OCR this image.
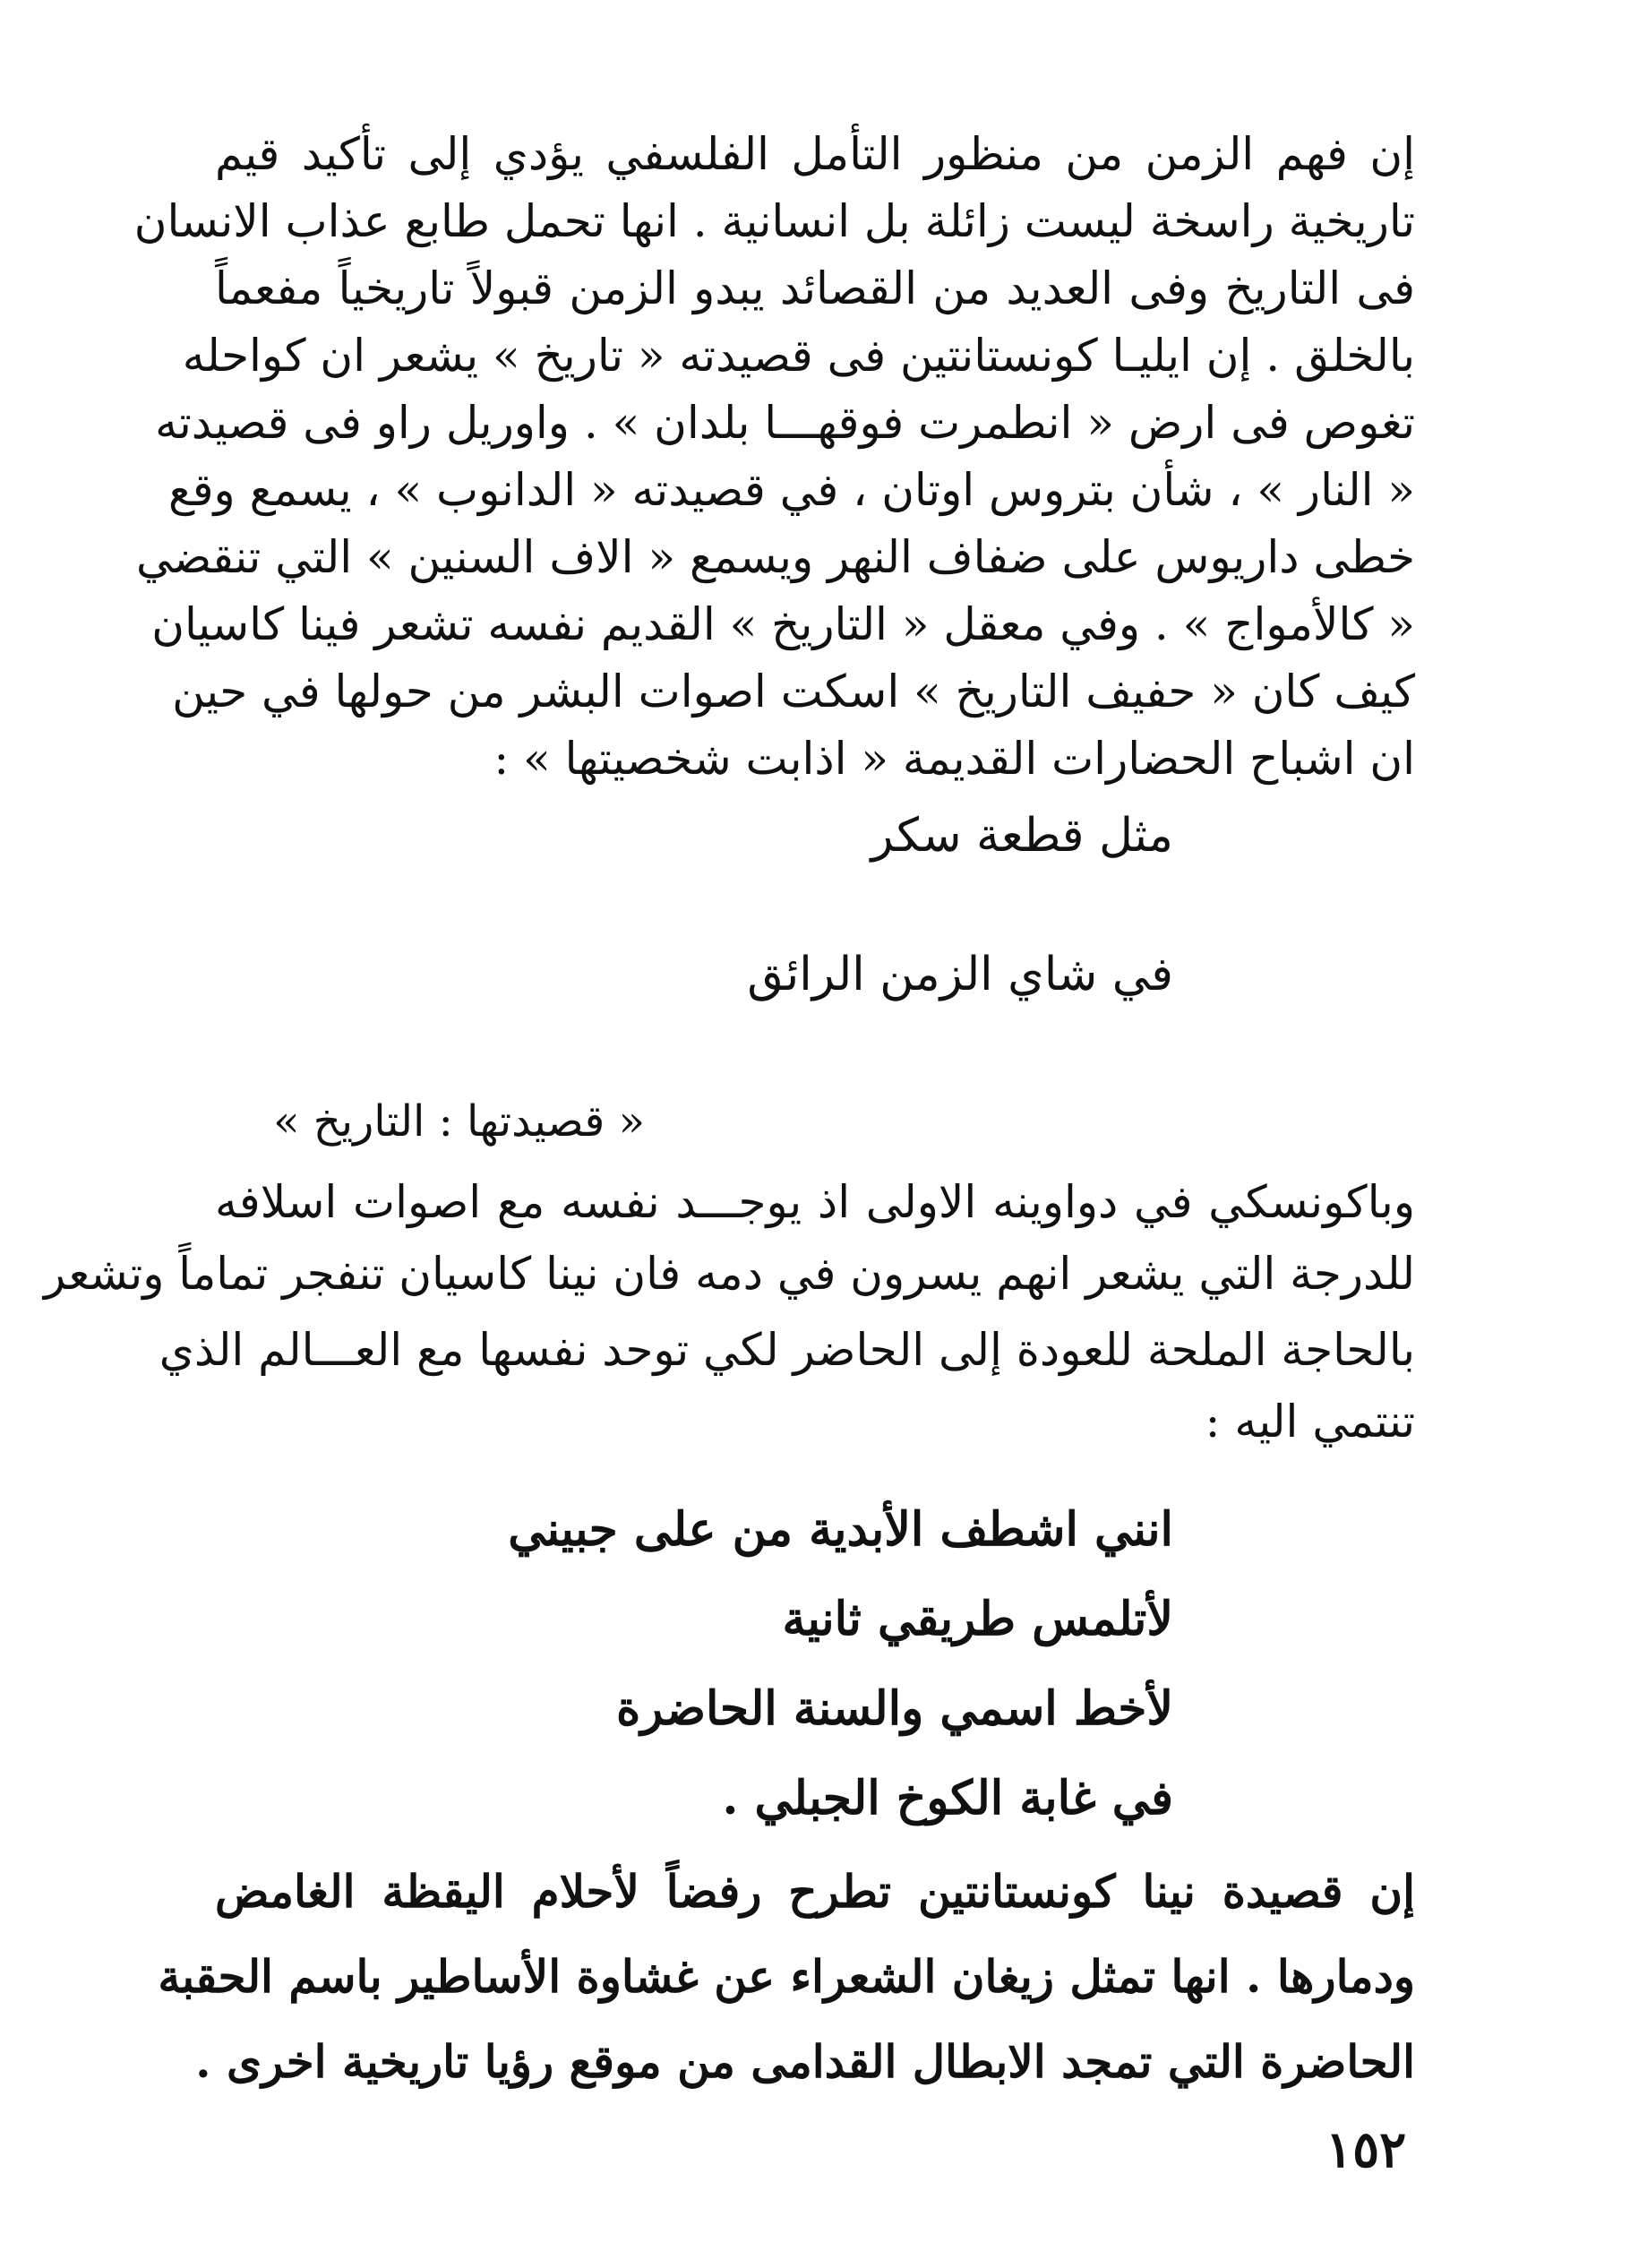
إن فهم الزمن من منظور التأمل الفلسفي يؤدي إلى تأكيد قيم
تاريخية راسخة ليست زائلة بل انسانية . انها تحمل طابع عذاب الانسان
فى التاريخ وفى العديد من القصائد يبدو الزمن قبولاً تاريخياً مفعماً
بالخلق . إن ايليـا كونستانتين فى قصيدته « تاريخ » يشعر ان كواحله
تغوص فى ارض « انطمرت فوقهـــا بلدان » . واوريل راو فى قصيدته
« النار » ، شأن بتروس اوتان ، في قصيدته « الدانوب » ، يسمع وقع
خطى داريوس على ضفاف النهر ويسمع « الاف السنين » التي تنقضي
« كالأمواج » . وفي معقل « التاريخ » القديم نفسه تشعر فينا كاسيان
كيف كان « حفيف التاريخ » اسكت اصوات البشر من حولها في حين
ان اشباح الحضارات القديمة « اذابت شخصيتها » :
مثل قطعة سكر
في شاي الزمن الرائق
« قصيدتها : التاريخ »
وباكونسكي في دواوينه الاولى اذ يوجـــد نفسه مع اصوات اسلافه
للدرجة التي يشعر انهم يسرون في دمه فان نينا كاسيان تنفجر تماماً وتشعر
بالحاجة الملحة للعودة إلى الحاضر لكي توحد نفسها مع العـــالم الذي
تنتمي اليه :
انني اشطف الأبدية من على جبيني
لأتلمس طريقي ثانية
لأخط اسمي والسنة الحاضرة
في غابة الكوخ الجبلي .
إن قصيدة نينا كونستانتين تطرح رفضاً لأحلام اليقظة الغامض
ودمارها . انها تمثل زيغان الشعراء عن غشاوة الأساطير باسم الحقبة
الحاضرة التي تمجد الابطال القدامى من موقع رؤيا تاريخية اخرى .
١٥٢
